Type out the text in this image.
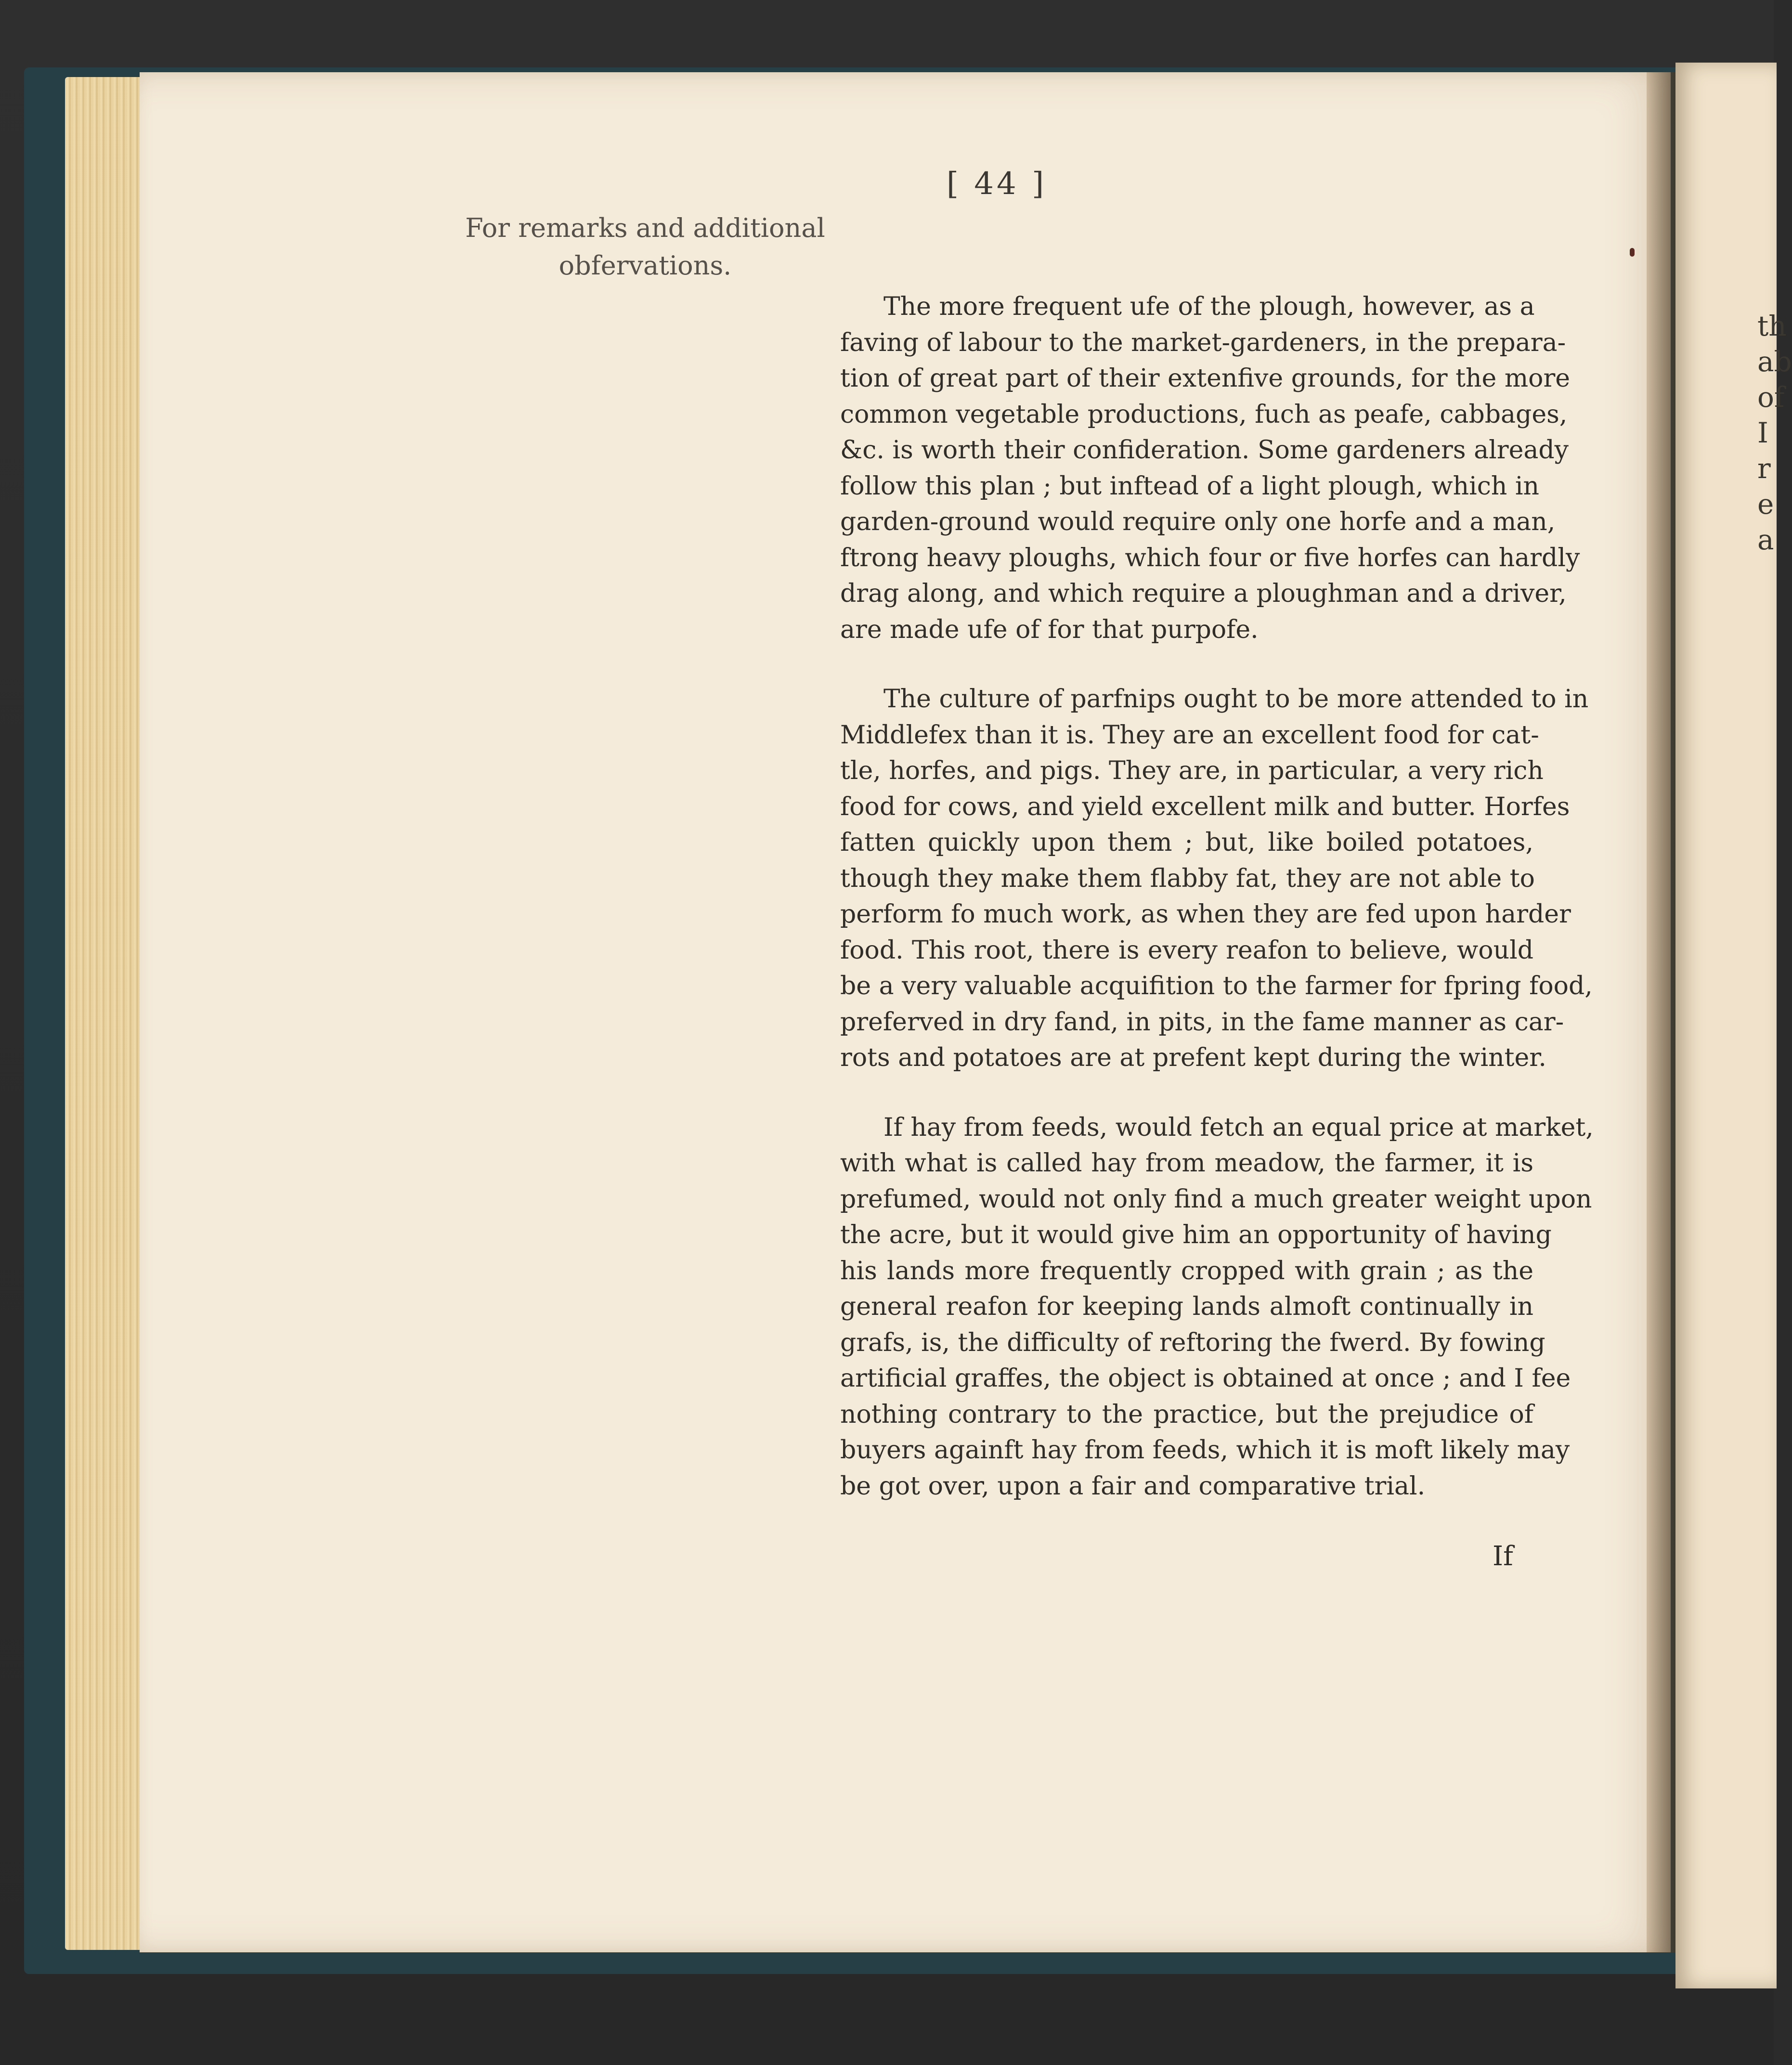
th
ab
of
I
r
e
a
[ 44 ]
For remarks and additional
obfervations.
The more frequent ufe of the plough, however, as a
faving of labour to the market-gardeners, in the prepara-
tion of great part of their extenfive grounds, for the more
common vegetable productions, fuch as peafe, cabbages,
&c. is worth their confideration. Some gardeners already
follow this plan ; but inftead of a light plough, which in
garden-ground would require only one horfe and a man,
ftrong heavy ploughs, which four or five horfes can hardly
drag along, and which require a ploughman and a driver,
are made ufe of for that purpofe.
The culture of parfnips ought to be more attended to in
Middlefex than it is. They are an excellent food for cat-
tle, horfes, and pigs. They are, in particular, a very rich
food for cows, and yield excellent milk and butter. Horfes
fatten quickly upon them ; but, like boiled potatoes,
though they make them flabby fat, they are not able to
perform fo much work, as when they are fed upon harder
food. This root, there is every reafon to believe, would
be a very valuable acquifition to the farmer for fpring food,
preferved in dry fand, in pits, in the fame manner as car-
rots and potatoes are at prefent kept during the winter.
If hay from feeds, would fetch an equal price at market,
with what is called hay from meadow, the farmer, it is
prefumed, would not only find a much greater weight upon
the acre, but it would give him an opportunity of having
his lands more frequently cropped with grain ; as the
general reafon for keeping lands almoft continually in
grafs, is, the difficulty of reftoring the fwerd. By fowing
artificial graffes, the object is obtained at once ; and I fee
nothing contrary to the practice, but the prejudice of
buyers againft hay from feeds, which it is moft likely may
be got over, upon a fair and comparative trial.
If
